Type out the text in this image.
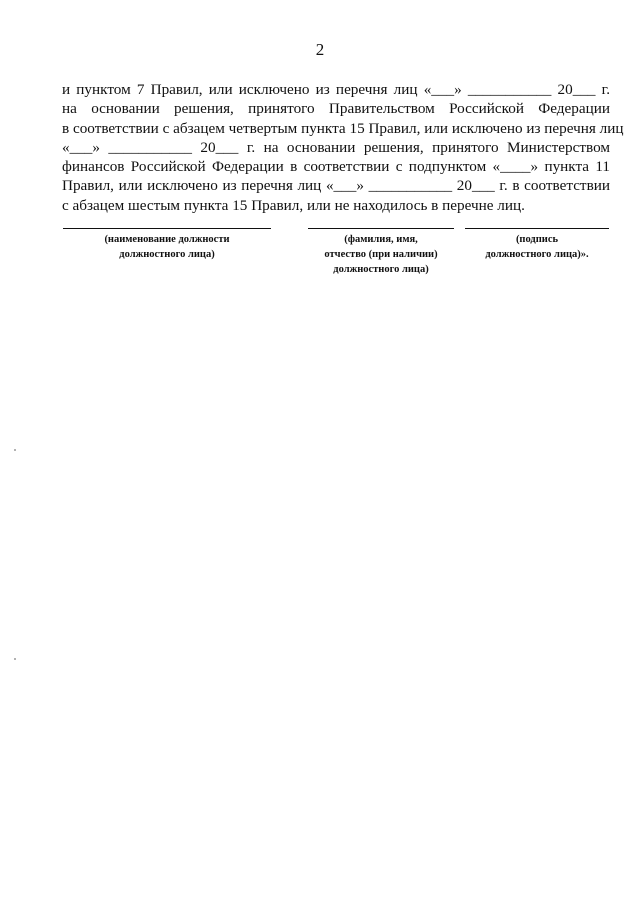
2
и пунктом 7 Правил, или исключено из перечня лиц «___» ___________ 20___ г.
на основании решения, принятого Правительством Российской Федерации
в соответствии с абзацем четвертым пункта 15 Правил, или исключено из перечня лиц
«___» ___________ 20___ г. на основании решения, принятого Министерством
финансов Российской Федерации в соответствии с подпунктом «____» пункта 11
Правил, или исключено из перечня лиц «___» ___________ 20___ г. в соответствии
с абзацем шестым пункта 15 Правил, или не находилось в перечне лиц.
(наименование должности
должностного лица)
(фамилия, имя,
отчество (при наличии)
должностного лица)
(подпись
должностного лица)».
